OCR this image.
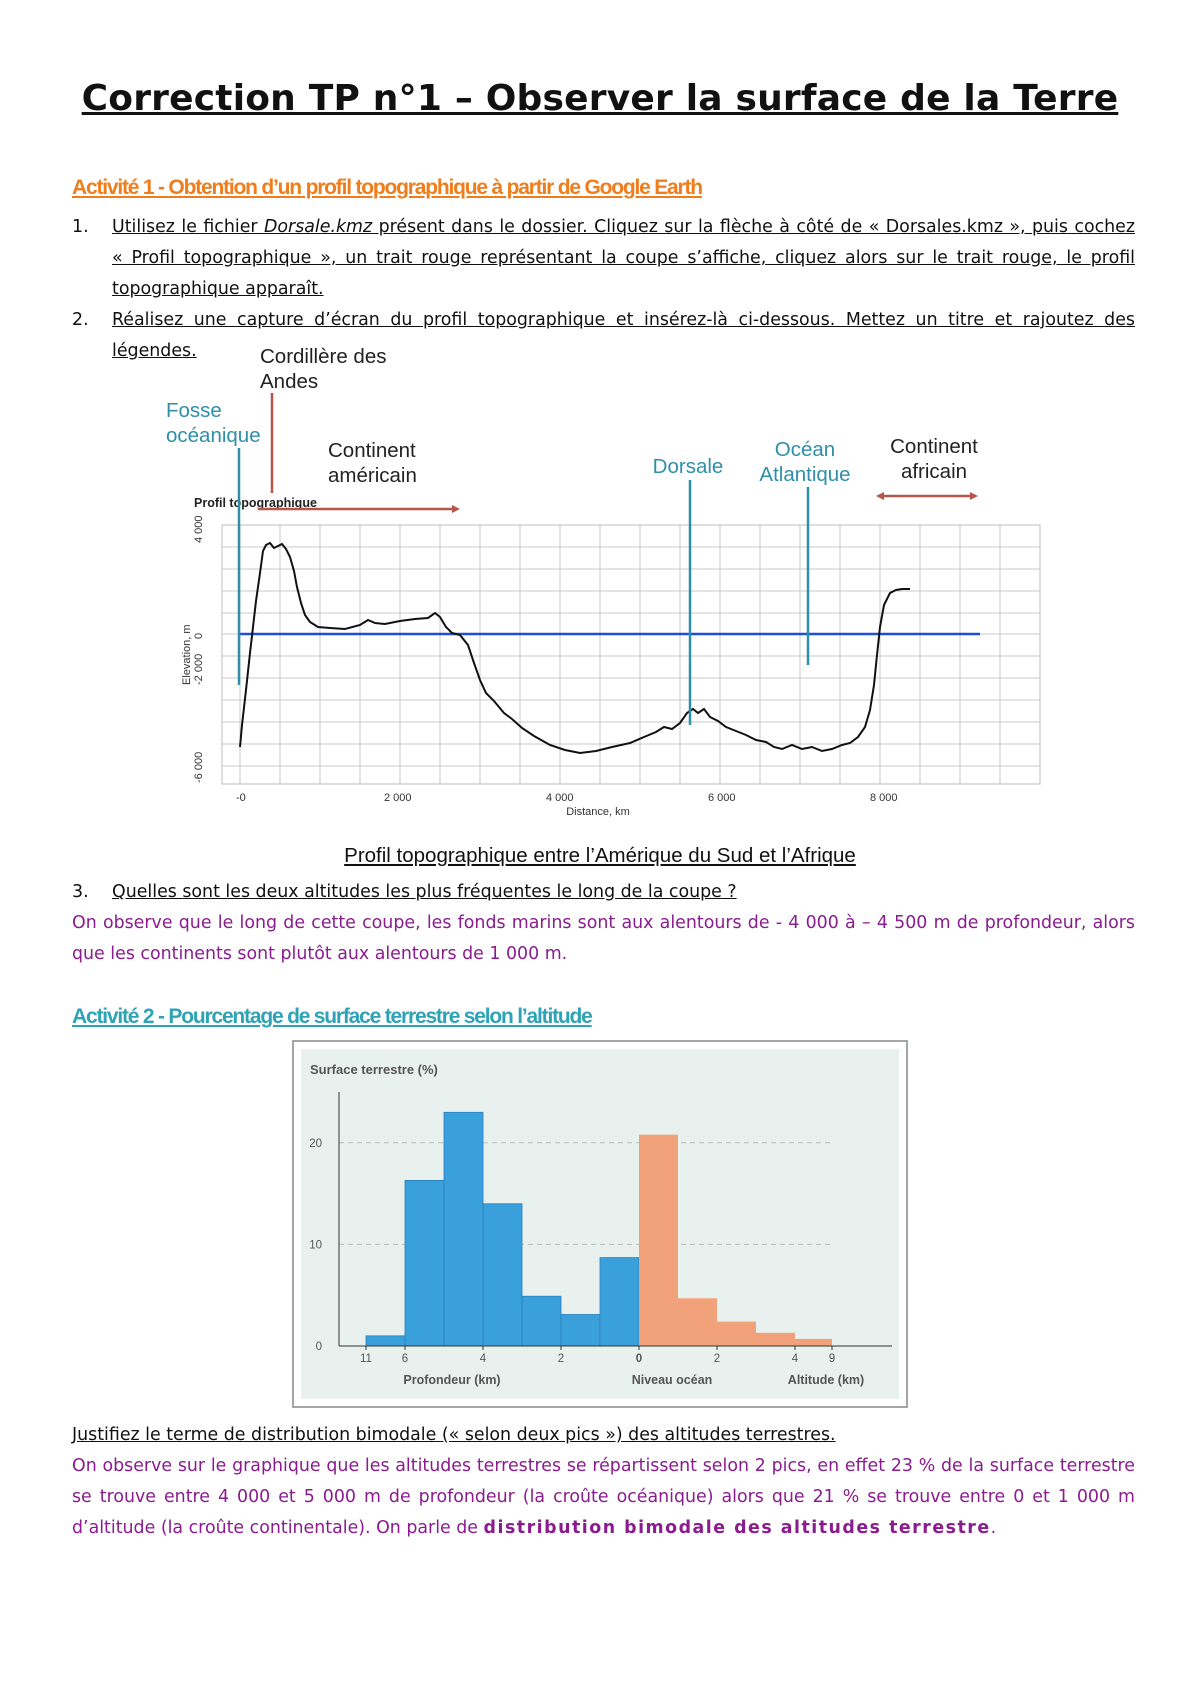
Correction TP n°1 – Observer la surface de la Terre
Activité 1 - Obtention d’un profil topographique à partir de Google Earth
1. Utilisez le fichier Dorsale.kmz présent dans le dossier. Cliquez sur la flèche à côté de « Dorsales.kmz », puis cochez « Profil topographique », un trait rouge représentant la coupe s’affiche, cliquez alors sur le trait rouge, le profil topographique apparaît.
2. Réalisez une capture d’écran du profil topographique et insérez-là ci-dessous. Mettez un titre et rajoutez des légendes.
4 000
0
-2 000
-6 000
Elevation, m
-0	2 000	4 000	6 000	8 000
Distance, km
Profil topographique
Cordillère des
Andes
Continent
américain
Continent
africain
Fosse
océanique
Dorsale
Océan
Atlantique
Profil topographique entre l’Amérique du Sud et l’Afrique
3. Quelles sont les deux altitudes les plus fréquentes le long de la coupe ?

On observe que le long de cette coupe, les fonds marins sont aux alentours de - 4 000 à – 4 500 m de profondeur, alors que les continents sont plutôt aux alentours de 1 000 m.

Activité 2 - Pourcentage de surface terrestre selon l’altitude
Surface terrestre (%)
0
10
20
11	6	4	2	0	2	4	9
Profondeur (km)	Niveau océan	Altitude (km)

Justifiez le terme de distribution bimodale (« selon deux pics ») des altitudes terrestres.

On observe sur le graphique que les altitudes terrestres se répartissent selon 2 pics, en effet 23 % de la surface terrestre se trouve entre 4 000 et 5 000 m de profondeur (la croûte océanique) alors que 21 % se trouve entre 0 et 1 000 m d’altitude (la croûte continentale). On parle de distribution bimodale des altitudes terrestre.
